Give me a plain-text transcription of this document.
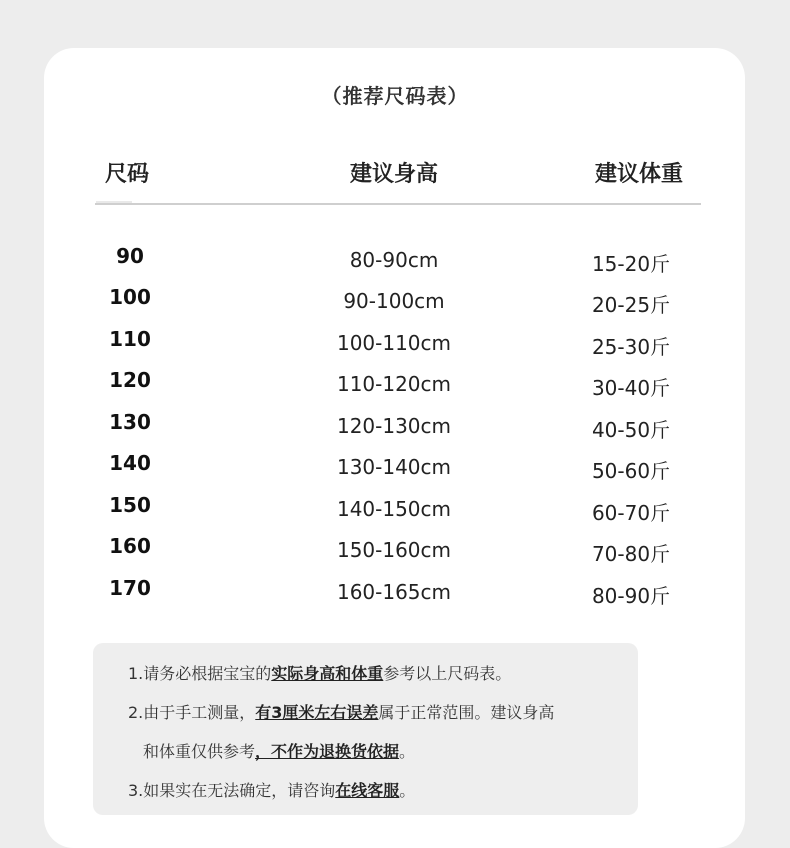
（推荐尺码表）
尺码	建议身高	建议体重
90	80-90cm	15-20斤
100	90-100cm	20-25斤
110	100-110cm	25-30斤
120	110-120cm	30-40斤
130	120-130cm	40-50斤
140	130-140cm	50-60斤
150	140-150cm	60-70斤
160	150-160cm	70-80斤
170	160-165cm	80-90斤
1.请务必根据宝宝的实际身高和体重参考以上尺码表。
2.由于手工测量，有3厘米左右误差属于正常范围。建议身高
和体重仅供参考，不作为退换货依据。
3.如果实在无法确定，请咨询在线客服。
